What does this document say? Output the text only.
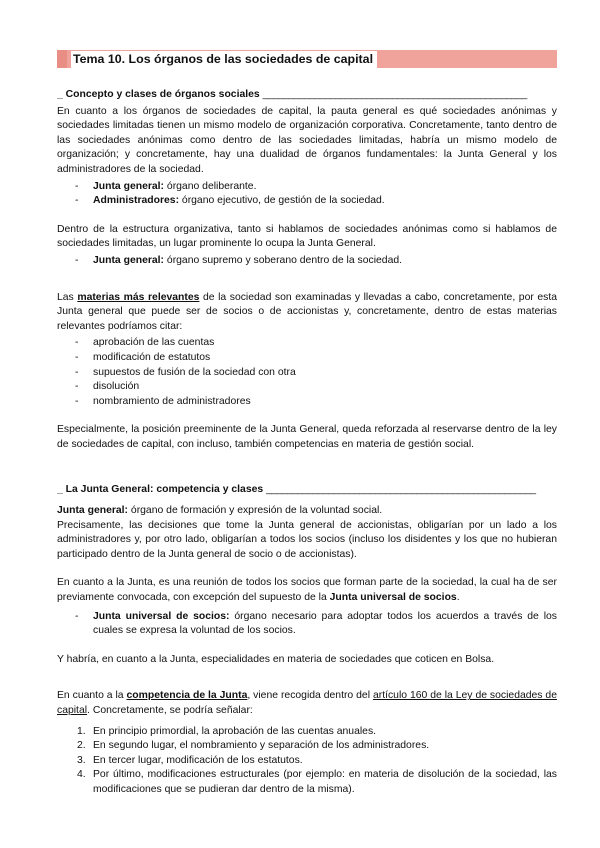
Tema 10. Los órganos de las sociedades de capital
_ Concepto y clases de órganos sociales ___________________________________________________

En cuanto a los órganos de sociedades de capital, la pauta general es qué sociedades anónimas y sociedades limitadas tienen un mismo modelo de organización corporativa. Concretamente, tanto dentro de las sociedades anónimas como dentro de las sociedades limitadas, habría un mismo modelo de organización; y concretamente, hay una dualidad de órganos fundamentales: la Junta General y los administradores de la sociedad.

- Junta general: órgano deliberante.
- Administradores: órgano ejecutivo, de gestión de la sociedad.

Dentro de la estructura organizativa, tanto si hablamos de sociedades anónimas como si hablamos de sociedades limitadas, un lugar prominente lo ocupa la Junta General.

- Junta general: órgano supremo y soberano dentro de la sociedad.

Las materias más relevantes de la sociedad son examinadas y llevadas a cabo, concretamente, por esta Junta general que puede ser de socios o de accionistas y, concretamente, dentro de estas materias relevantes podríamos citar:

- aprobación de las cuentas
- modificación de estatutos
- supuestos de fusión de la sociedad con otra
- disolución
- nombramiento de administradores

Especialmente, la posición preeminente de la Junta General, queda reforzada al reservarse dentro de la ley de sociedades de capital, con incluso, también competencias en materia de gestión social.

_ La Junta General: competencia y clases ____________________________________________________

Junta general: órgano de formación y expresión de la voluntad social.

Precisamente, las decisiones que tome la Junta general de accionistas, obligarían por un lado a los administradores y, por otro lado, obligarían a todos los socios (incluso los disidentes y los que no hubieran participado dentro de la Junta general de socio o de accionistas).

En cuanto a la Junta, es una reunión de todos los socios que forman parte de la sociedad, la cual ha de ser previamente convocada, con excepción del supuesto de la Junta universal de socios.

- Junta universal de socios: órgano necesario para adoptar todos los acuerdos a través de los cuales se expresa la voluntad de los socios.

Y habría, en cuanto a la Junta, especialidades en materia de sociedades que coticen en Bolsa.

En cuanto a la competencia de la Junta, viene recogida dentro del artículo 160 de la Ley de sociedades de capital. Concretamente, se podría señalar:

1. En principio primordial, la aprobación de las cuentas anuales.
2. En segundo lugar, el nombramiento y separación de los administradores.
3. En tercer lugar, modificación de los estatutos.
4. Por último, modificaciones estructurales (por ejemplo: en materia de disolución de la sociedad, las modificaciones que se pudieran dar dentro de la misma).
